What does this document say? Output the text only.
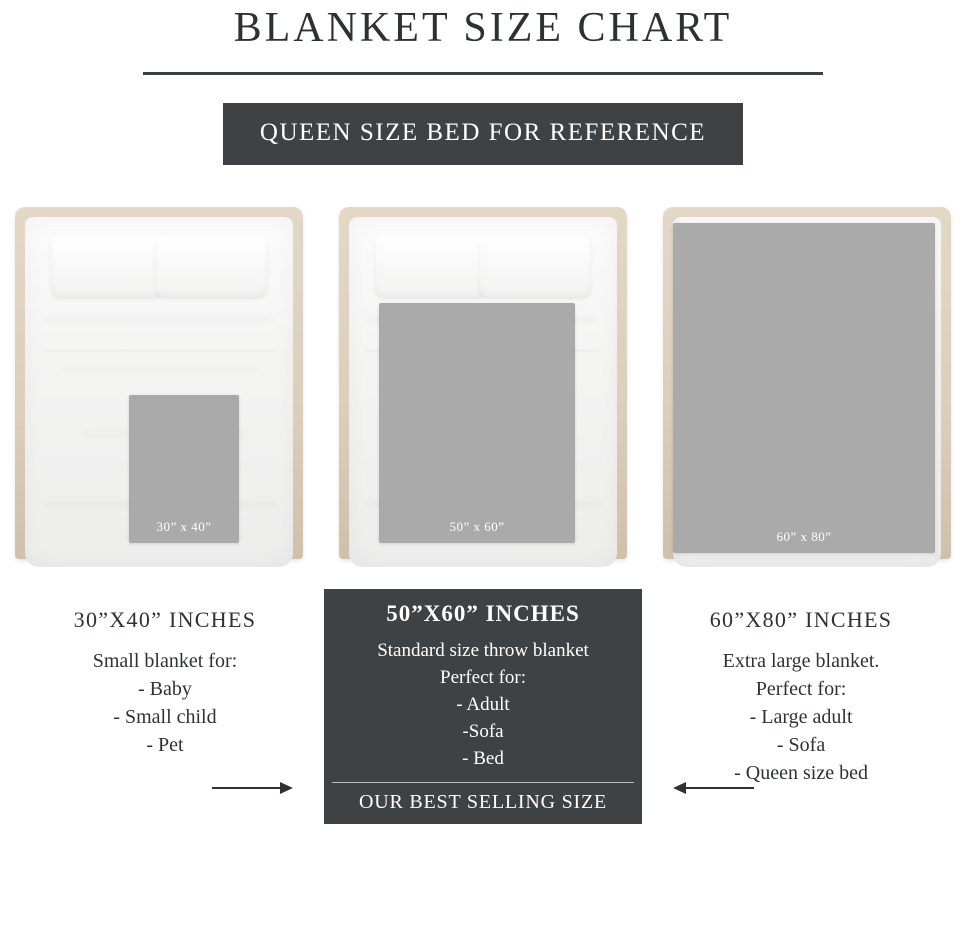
BLANKET SIZE CHART
QUEEN SIZE BED FOR REFERENCE
30” x 40”	50” x 60”
60” x 80”
30”X40” INCHES
Small blanket for:
- Baby
- Small child
- Pet
50”X60” INCHES
Standard size throw blanket
Perfect for:
- Adult
-Sofa
- Bed
OUR BEST SELLING SIZE
60”X80” INCHES
Extra large blanket.
Perfect for:
- Large adult
- Sofa
- Queen size bed
